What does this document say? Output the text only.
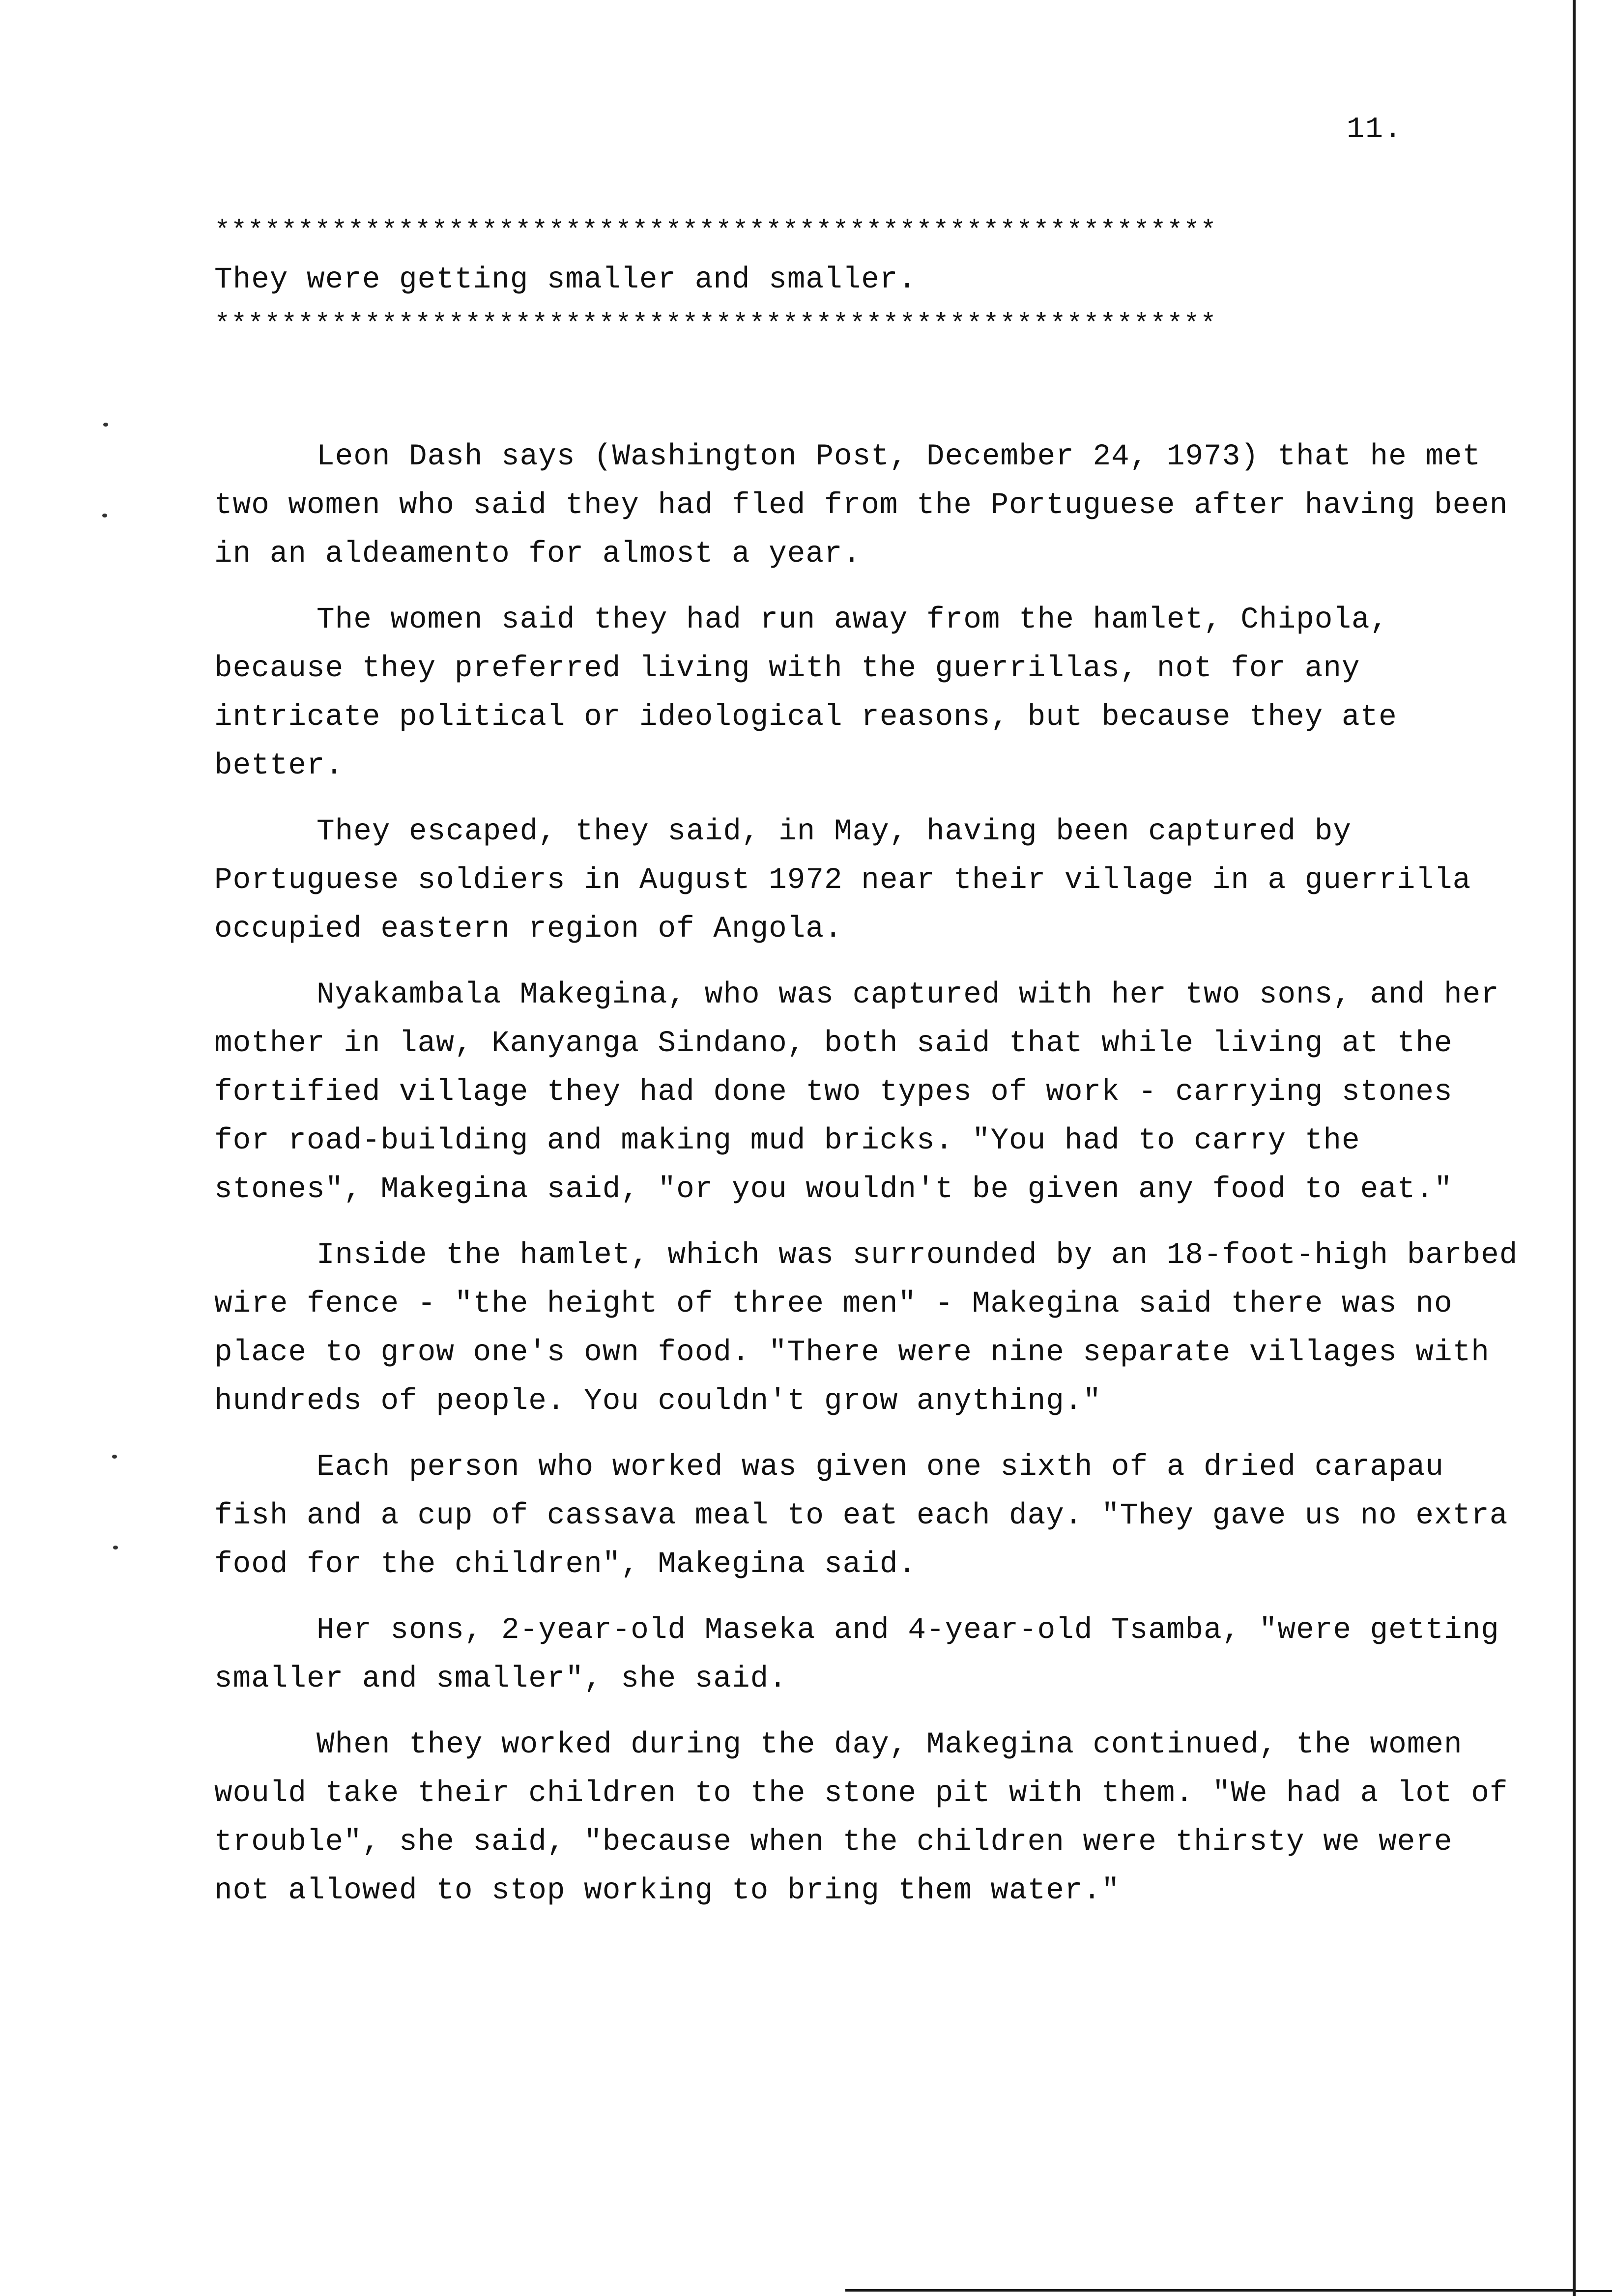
11.
************************************************************
They were getting smaller and smaller.
************************************************************

Leon Dash says (Washington Post, December 24, 1973) that he met two women who said they had fled from the Portuguese after having been in an aldeamento for almost a year.

The women said they had run away from the hamlet, Chipola, because they preferred living with the guerrillas, not for any intricate political or ideological reasons, but because they ate better.

They escaped, they said, in May, having been captured by Portuguese soldiers in August 1972 near their village in a guerrilla occupied eastern region of Angola.

Nyakambala Makegina, who was captured with her two sons, and her mother in law, Kanyanga Sindano, both said that while living at the fortified village they had done two types of work - carrying stones for road-building and making mud bricks. "You had to carry the stones", Makegina said, "or you wouldn't be given any food to eat."

Inside the hamlet, which was surrounded by an 18-foot-high barbed wire fence - "the height of three men" - Makegina said there was no place to grow one's own food. "There were nine separate villages with hundreds of people. You couldn't grow anything."

Each person who worked was given one sixth of a dried carapau fish and a cup of cassava meal to eat each day. "They gave us no extra food for the children", Makegina said.

Her sons, 2-year-old Maseka and 4-year-old Tsamba, "were getting smaller and smaller", she said.

When they worked during the day, Makegina continued, the women would take their children to the stone pit with them. "We had a lot of trouble", she said, "because when the children were thirsty we were not allowed to stop working to bring them water."
